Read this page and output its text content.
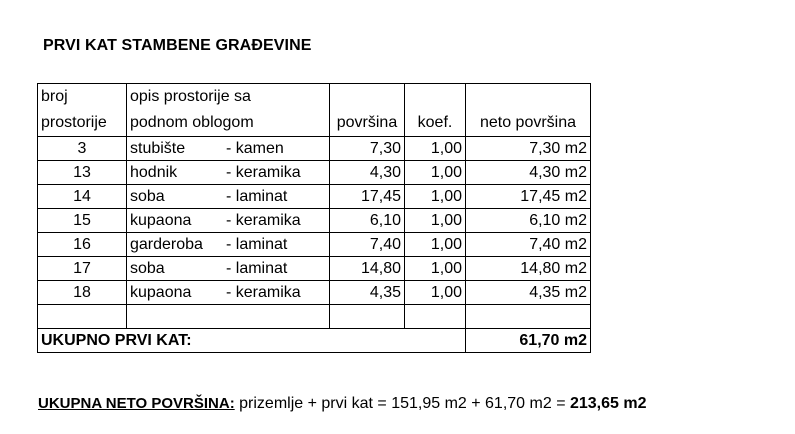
PRVI KAT STAMBENE GRAĐEVINE
broj	opis prostorije sa			
prostorije	podnom oblogom	površina	koef.	neto površina
3	stubište - kamen	7,30	1,00	7,30 m2
13	hodnik - keramika	4,30	1,00	4,30 m2
14	soba - laminat	17,45	1,00	17,45 m2
15	kupaona - keramika	6,10	1,00	6,10 m2
16	garderoba - laminat	7,40	1,00	7,40 m2
17	soba - laminat	14,80	1,00	14,80 m2
18	kupaona - keramika	4,35	1,00	4,35 m2

UKUPNO PRVI KAT:				61,70 m2
UKUPNA NETO POVRŠINA: prizemlje + prvi kat = 151,95 m2 + 61,70 m2 = 213,65 m2
